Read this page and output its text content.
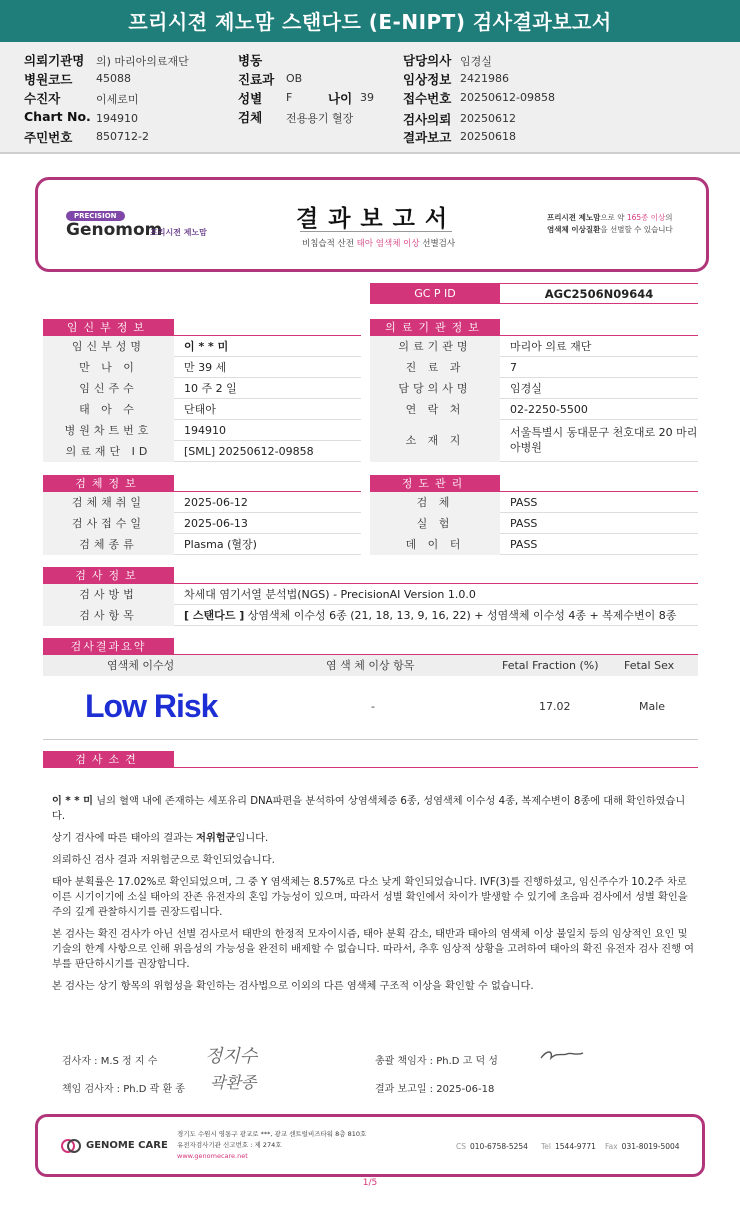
프리시젼 제노맘 스탠다드 (E-NIPT) 검사결과보고서
의뢰기관명 의) 마리아의료재단
병원코드 45088
수진자	이세로미
Chart No. 194910
주민번호 850712-2
병동
진료과 OB
성별 F	나이 39
검체 전용용기 혈장
담당의사 임경실
임상정보 2421986
접수번호 20250612-09858
검사의뢰 20250612
결과보고 20250618
PRECISION
Genomom
프리시젼 제노맘
결과보고서
비침습적 산전 태아 염색체 이상 선별검사
프리시젼 제노맘으로 약 165종 이상의
염색체 이상질환을 선별할 수 있습니다
GC P ID	AGC2506N09644
임신부정보
임신부성명	이 * * 미
만 나 이	만 39 세
임신주수	10 주 2 일
태 아 수	단태아
병원차트번호	194910
의료재단 ID	[SML] 20250612-09858
의료기관정보
의료기관명	마리아 의료 재단
진 료 과	7
담당의사명	임경실
연 락 처	02-2250-5500
소 재 지
서울특별시 동대문구 천호대로 20 마리
아병원
검체정보
검체채취일	2025-06-12
검사접수일	2025-06-13
검체종류	Plasma (혈장)
정도관리
검 체	PASS
실 험	PASS
데 이 터	PASS
검사정보
검사방법	차세대 염기서열 분석법(NGS) - PrecisionAI Version 1.0.0
검사항목	[ 스탠다드 ] 상염색체 이수성 6종 (21, 18, 13, 9, 16, 22) + 성염색체 이수성 4종 + 복제수변이 8종
검사결과요약
염색체 이수성	염 색 체 이상 항목	Fetal Fraction (%) Fetal Sex
Low Risk	-	17.02	Male
검사소견

이 * * 미 님의 혈액 내에 존재하는 세포유리 DNA파편을 분석하여 상염색체증 6종, 성염색체 이수성 4종, 복제수변이 8종에 대해 확인하였습니다.

상기 검사에 따른 태아의 결과는 저위험군입니다.

의뢰하신 검사 결과 저위험군으로 확인되었습니다.

태아 분획률은 17.02%로 확인되었으며, 그 중 Y 염색체는 8.57%로 다소 낮게 확인되었습니다. IVF(3)를 진행하셨고, 임신주수가 10.2주 차로 이른 시기이기에 소실 태아의 잔존 유전자의 혼입 가능성이 있으며, 따라서 성별 확인에서 차이가 발생할 수 있기에 초음파 검사에서 성별 확인을 주의 깊게 관찰하시기를 권장드립니다.

본 검사는 확진 검사가 아닌 선별 검사로서 태반의 한정적 모자이시즘, 태아 분획 감소, 태반과 태아의 염색체 이상 불일치 등의 임상적인 요인 및 기술의 한계 사항으로 인해 위음성의 가능성을 완전히 배제할 수 없습니다. 따라서, 추후 임상적 상황을 고려하여 태아의 확진 유전자 검사 진행 여부를 판단하시기를 권장합니다.

본 검사는 상기 항목의 위험성을 확인하는 검사법으로 이외의 다른 염색체 구조적 이상을 확인할 수 없습니다.

검사자 : M.S 정 지 수	정지수
책임 검사자 : Ph.D 곽 환 종 곽환종
총괄 책임자 : Ph.D 고 덕 성
결과 보고일 : 2025-06-18
GENOME CARE
경기도 수원시 영통구 광교로 ***, 광교 센트럴비즈타워 8층 810호
유전자검사기관 신고번호 : 제 274호
www.genomecare.net
CS 010-6758-5254 Tel 1544-9771 Fax 031-8019-5004
1/5
